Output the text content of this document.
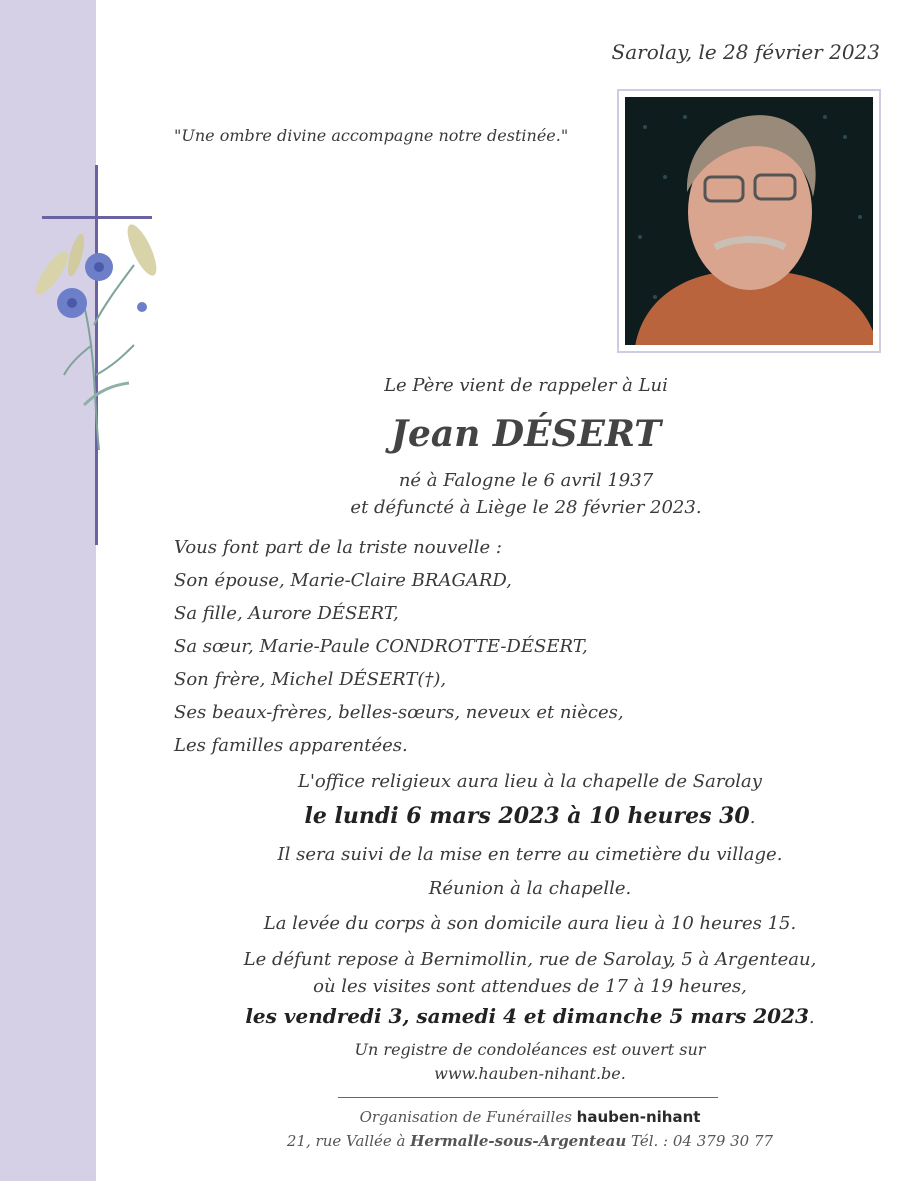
Sarolay, le 28 février 2023
"Une ombre divine accompagne notre destinée."
Le Père vient de rappeler à Lui
Jean DÉSERT
né à Falogne le 6 avril 1937
et défuncté à Liège le 28 février 2023.
Vous font part de la triste nouvelle :
Son épouse, Marie-Claire BRAGARD,
Sa fille, Aurore DÉSERT,
Sa sœur, Marie-Paule CONDROTTE-DÉSERT,
Son frère, Michel DÉSERT(†),
Ses beaux-frères, belles-sœurs, neveux et nièces,
Les familles apparentées.
L'office religieux aura lieu à la chapelle de Sarolay
le lundi 6 mars 2023 à 10 heures 30.
Il sera suivi de la mise en terre au cimetière du village.
Réunion à la chapelle.
La levée du corps à son domicile aura lieu à 10 heures 15.
Le défunt repose à Bernimollin, rue de Sarolay, 5 à Argenteau,
où les visites sont attendues de 17 à 19 heures,
les vendredi 3, samedi 4 et dimanche 5 mars 2023.
Un registre de condoléances est ouvert sur
www.hauben-nihant.be.
Organisation de Funérailles hauben-nihant
21, rue Vallée à Hermalle-sous-Argenteau Tél. : 04 379 30 77
